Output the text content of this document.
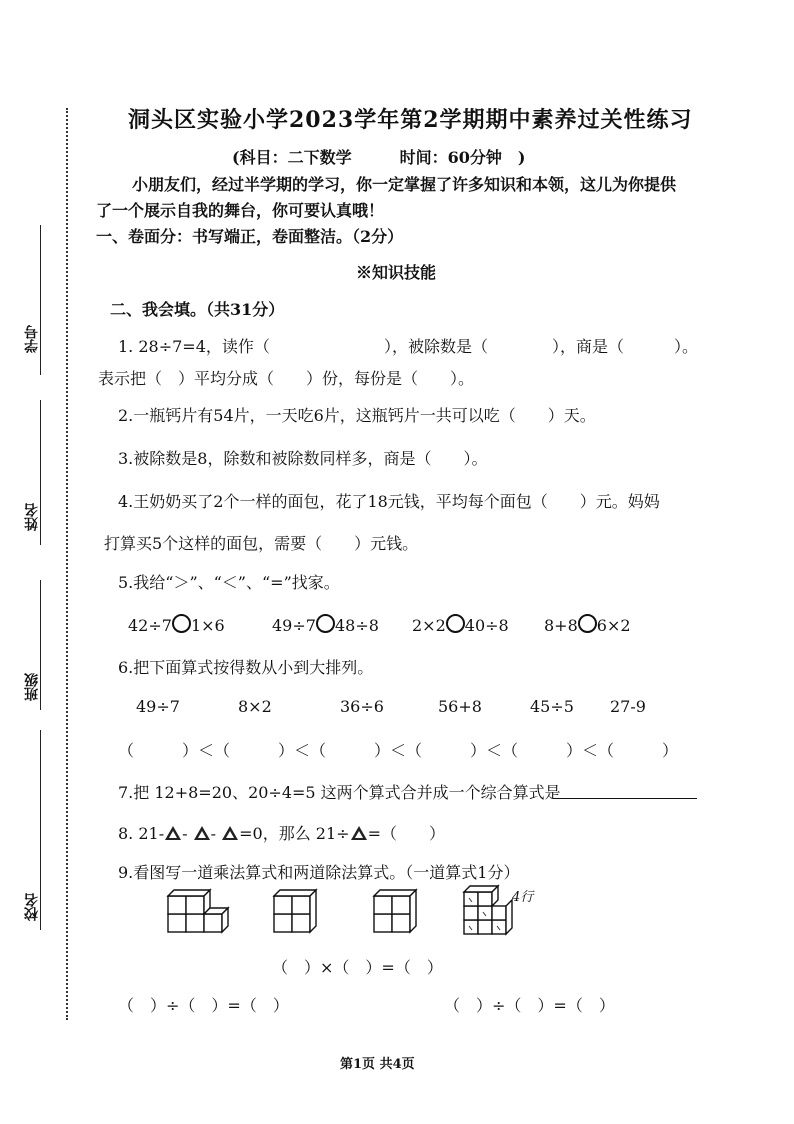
学号
姓名
班级
校名
洞头区实验小学2023学年第2学期期中素养过关性练习
(科目：二下数学　　　时间：60分钟　)
小朋友们，经过半学期的学习，你一定掌握了许多知识和本领，这儿为你提供
了一个展示自我的舞台，你可要认真哦！
一、卷面分：书写端正，卷面整洁。（2分）
※知识技能
二、我会填。（共31分）
1. 28÷7=4，读作（	），被除数是（	），商是（	）。
表示把（　）平均分成（　　）份，每份是（　　）。
2.一瓶钙片有54片，一天吃6片，这瓶钙片一共可以吃（　　）天。
3.被除数是8，除数和被除数同样多，商是（　　）。
4.王奶奶买了2个一样的面包，花了18元钱，平均每个面包（　　）元。妈妈
打算买5个这样的面包，需要（　　）元钱。
5.我给“＞”、“＜”、“=”找家。
42÷7 1×6	49÷7 48÷8 2×2 40÷8 8+8 6×2
6.把下面算式按得数从小到大排列。
49÷7	8×2	36÷6	56+8	45÷5 27-9
（　　　）＜（　　　）＜（　　　）＜（　　　）＜（　　　）＜（　　　）
7.把 12+8=20、20÷4=5 这两个算式合并成一个综合算式是
8. 21- - - =0，那么 21÷ =（　　）
9.看图写一道乘法算式和两道除法算式。（一道算式1分）
4行
（　）×（　）=（　）
（　）÷（　）=（　）	（　）÷（　）=（　）
第1页 共4页
